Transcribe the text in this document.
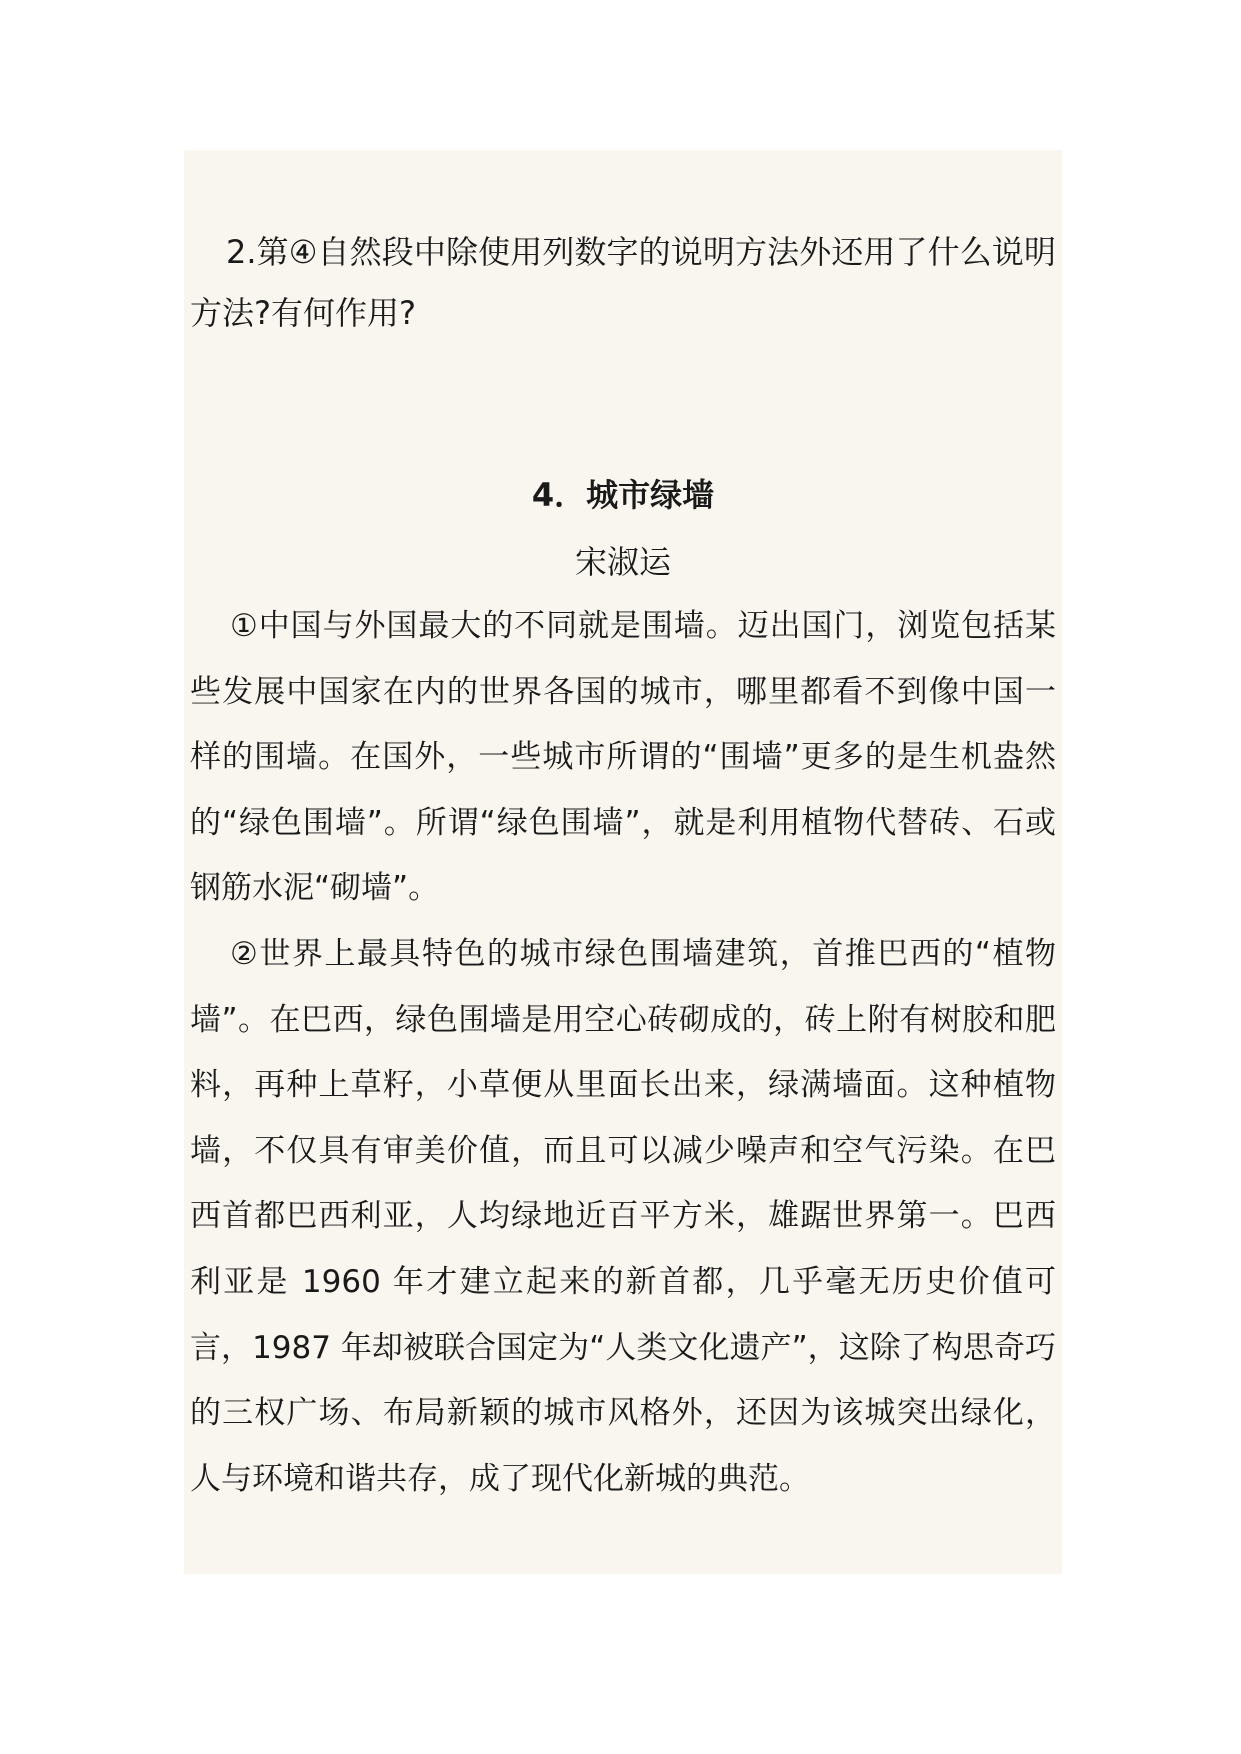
2.第④自然段中除使用列数字的说明方法外还用了什么说明方法?有何作用?

4．城市绿墙

宋淑运

①中国与外国最大的不同就是围墙。迈出国门，浏览包括某些发展中国家在内的世界各国的城市，哪里都看不到像中国一样的围墙。在国外，一些城市所谓的“围墙”更多的是生机盎然的“绿色围墙”。所谓“绿色围墙”，就是利用植物代替砖、石或钢筋水泥“砌墙”。

②世界上最具特色的城市绿色围墙建筑，首推巴西的“植物墙”。在巴西，绿色围墙是用空心砖砌成的，砖上附有树胶和肥料，再种上草籽，小草便从里面长出来，绿满墙面。这种植物墙，不仅具有审美价值，而且可以减少噪声和空气污染。在巴西首都巴西利亚，人均绿地近百平方米，雄踞世界第一。巴西利亚是 1960 年才建立起来的新首都，几乎毫无历史价值可言，1987 年却被联合国定为“人类文化遗产”，这除了构思奇巧的三权广场、布局新颖的城市风格外，还因为该城突出绿化，人与环境和谐共存，成了现代化新城的典范。
